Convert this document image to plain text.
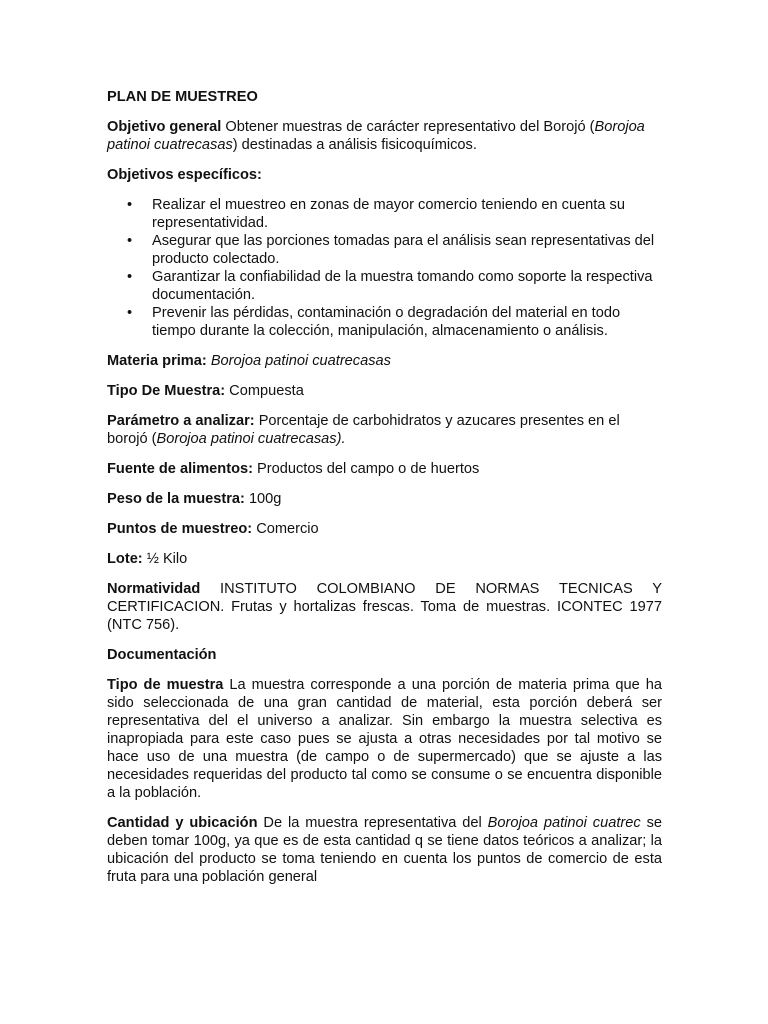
PLAN DE MUESTREO

Objetivo general Obtener muestras de carácter representativo del Borojó (Borojoa patinoi cuatrecasas) destinadas a análisis fisicoquímicos.

Objetivos específicos:

• Realizar el muestreo en zonas de mayor comercio teniendo en cuenta su representatividad.
• Asegurar que las porciones tomadas para el análisis sean representativas del producto colectado.
• Garantizar la confiabilidad de la muestra tomando como soporte la respectiva documentación.
• Prevenir las pérdidas, contaminación o degradación del material en todo tiempo durante la colección, manipulación, almacenamiento o análisis.

Materia prima: Borojoa patinoi cuatrecasas

Tipo De Muestra: Compuesta

Parámetro a analizar: Porcentaje de carbohidratos y azucares presentes en el borojó (Borojoa patinoi cuatrecasas).

Fuente de alimentos: Productos del campo o de huertos

Peso de la muestra: 100g

Puntos de muestreo: Comercio

Lote: ½ Kilo

Normatividad INSTITUTO COLOMBIANO DE NORMAS TECNICAS Y CERTIFICACION. Frutas y hortalizas frescas. Toma de muestras. ICONTEC 1977 (NTC 756).

Documentación

Tipo de muestra La muestra corresponde a una porción de materia prima que ha sido seleccionada de una gran cantidad de material, esta porción deberá ser representativa del el universo a analizar. Sin embargo la muestra selectiva es inapropiada para este caso pues se ajusta a otras necesidades por tal motivo se hace uso de una muestra (de campo o de supermercado) que se ajuste a las necesidades requeridas del producto tal como se consume o se encuentra disponible a la población.

Cantidad y ubicación De la muestra representativa del Borojoa patinoi cuatrec se deben tomar 100g, ya que es de esta cantidad q se tiene datos teóricos a analizar; la ubicación del producto se toma teniendo en cuenta los puntos de comercio de esta fruta para una población general
